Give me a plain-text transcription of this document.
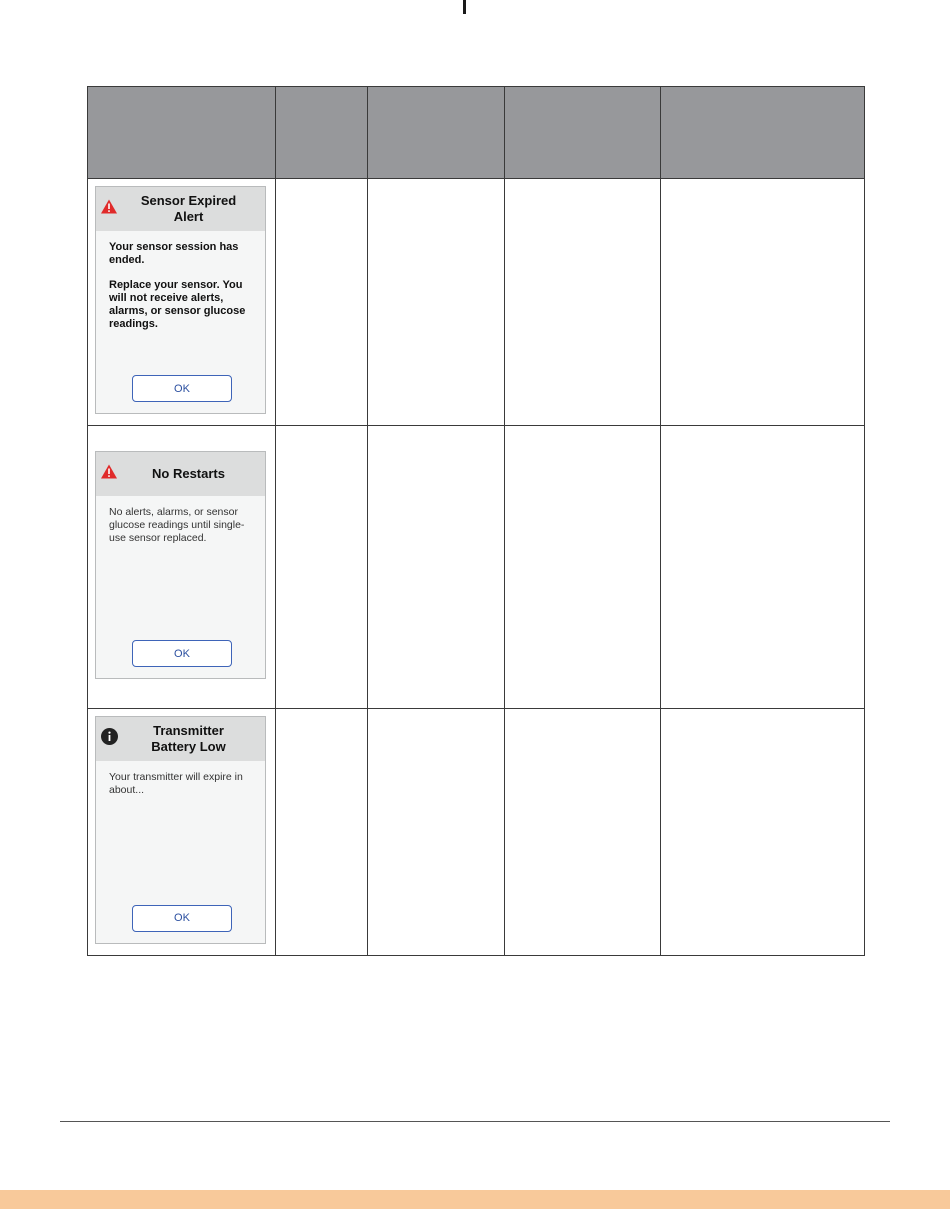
Sensor Expired Alert

Your sensor session has ended.

Replace your sensor. You will not receive alerts, alarms, or sensor glucose readings.

OK				

No Restarts

No alerts, alarms, or sensor glucose readings until single-use sensor replaced.

OK				

Transmitter Battery Low

Your transmitter will expire in about...

OK				
